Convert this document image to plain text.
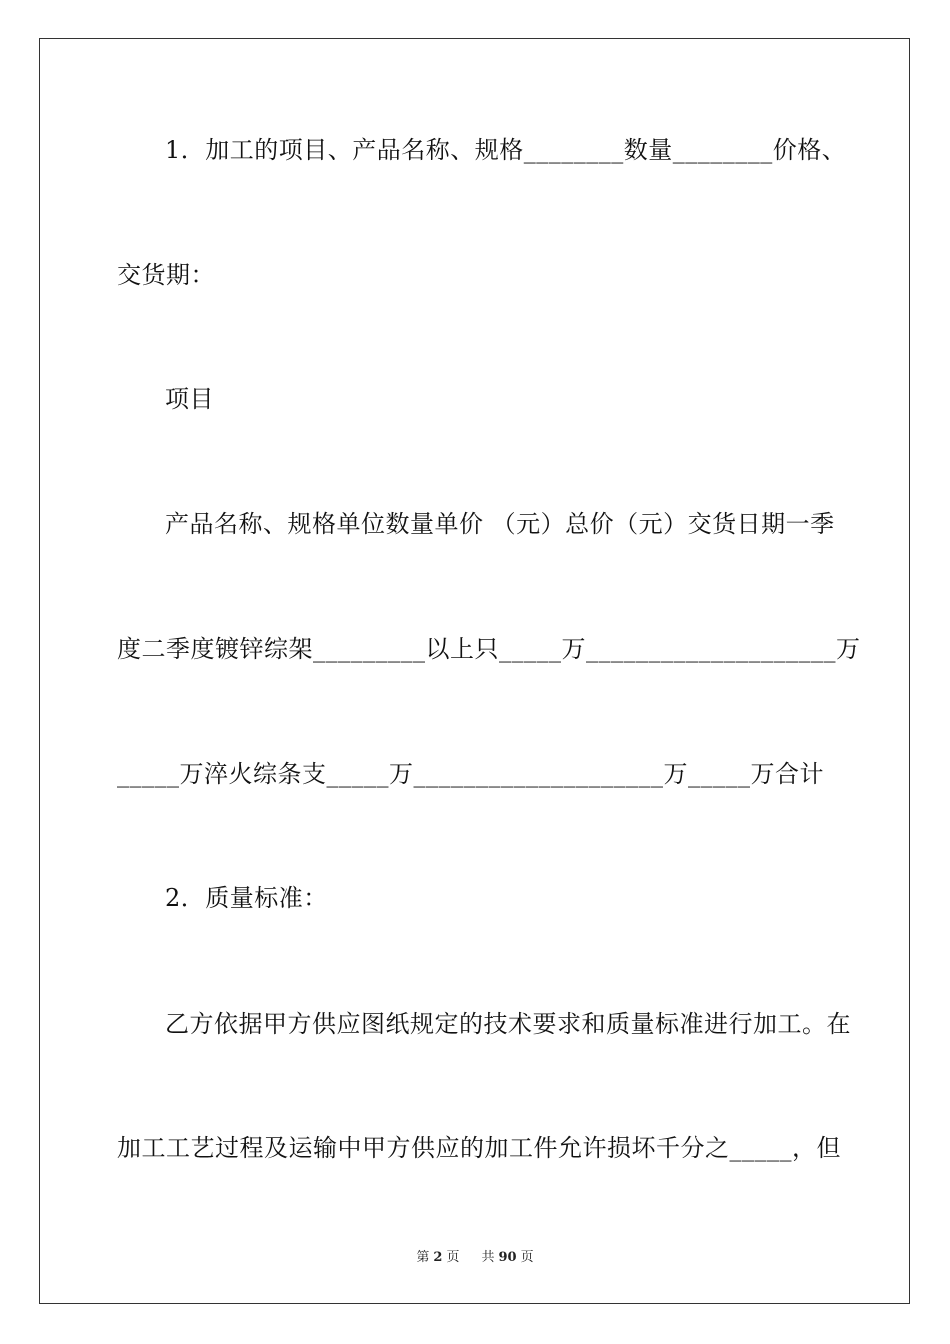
1．加工的项目、产品名称、规格________数量________价格、
交货期：
项目
产品名称、规格单位数量单价 （元）总价（元）交货日期一季
度二季度镀锌综架_________以上只_____万____________________万
_____万淬火综条支_____万____________________万_____万合计
2．质量标准：
乙方依据甲方供应图纸规定的技术要求和质量标准进行加工。在
加工工艺过程及运输中甲方供应的加工件允许损坏千分之_____，但
第 2 页 共 90 页
